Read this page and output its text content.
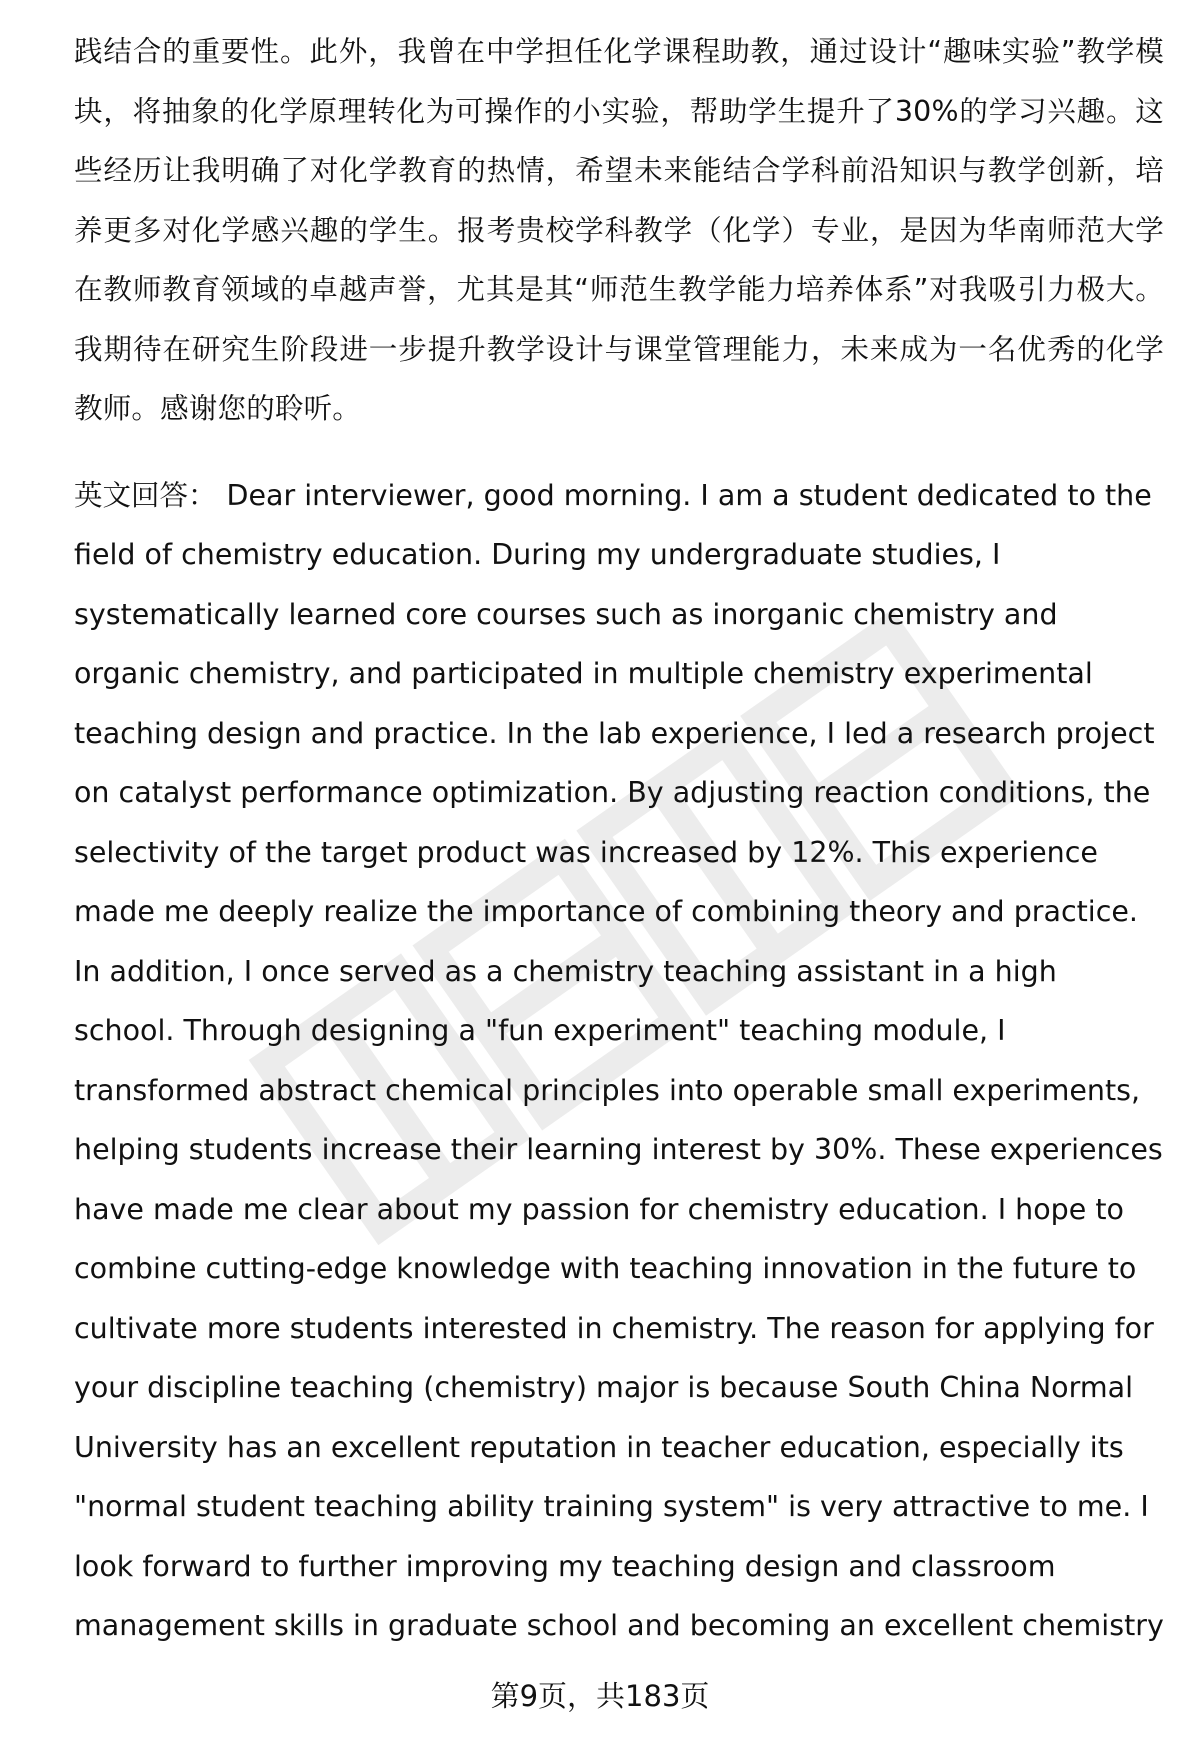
践结合的重要性。此外，我曾在中学担任化学课程助教，通过设计“趣味实验”教学模块，将抽象的化学原理转化为可操作的小实验，帮助学生提升了30%的学习兴趣。这些经历让我明确了对化学教育的热情，希望未来能结合学科前沿知识与教学创新，培养更多对化学感兴趣的学生。报考贵校学科教学（化学）专业，是因为华南师范大学在教师教育领域的卓越声誉，尤其是其“师范生教学能力培养体系”对我吸引力极大。我期待在研究生阶段进一步提升教学设计与课堂管理能力，未来成为一名优秀的化学教师。感谢您的聆听。

英文回答： Dear interviewer, good morning. I am a student dedicated to the field of chemistry education. During my undergraduate studies, I systematically learned core courses such as inorganic chemistry and organic chemistry, and participated in multiple chemistry experimental teaching design and practice. In the lab experience, I led a research project on catalyst performance optimization. By adjusting reaction conditions, the selectivity of the target product was increased by 12%. This experience made me deeply realize the importance of combining theory and practice. In addition, I once served as a chemistry teaching assistant in a high school. Through designing a "fun experiment" teaching module, I transformed abstract chemical principles into operable small experiments, helping students increase their learning interest by 30%. These experiences have made me clear about my passion for chemistry education. I hope to combine cutting-edge knowledge with teaching innovation in the future to cultivate more students interested in chemistry. The reason for applying for your discipline teaching (chemistry) major is because South China Normal University has an excellent reputation in teacher education, especially its "normal student teaching ability training system" is very attractive to me. I look forward to further improving my teaching design and classroom management skills in graduate school and becoming an excellent chemistry

第9页，共183页
